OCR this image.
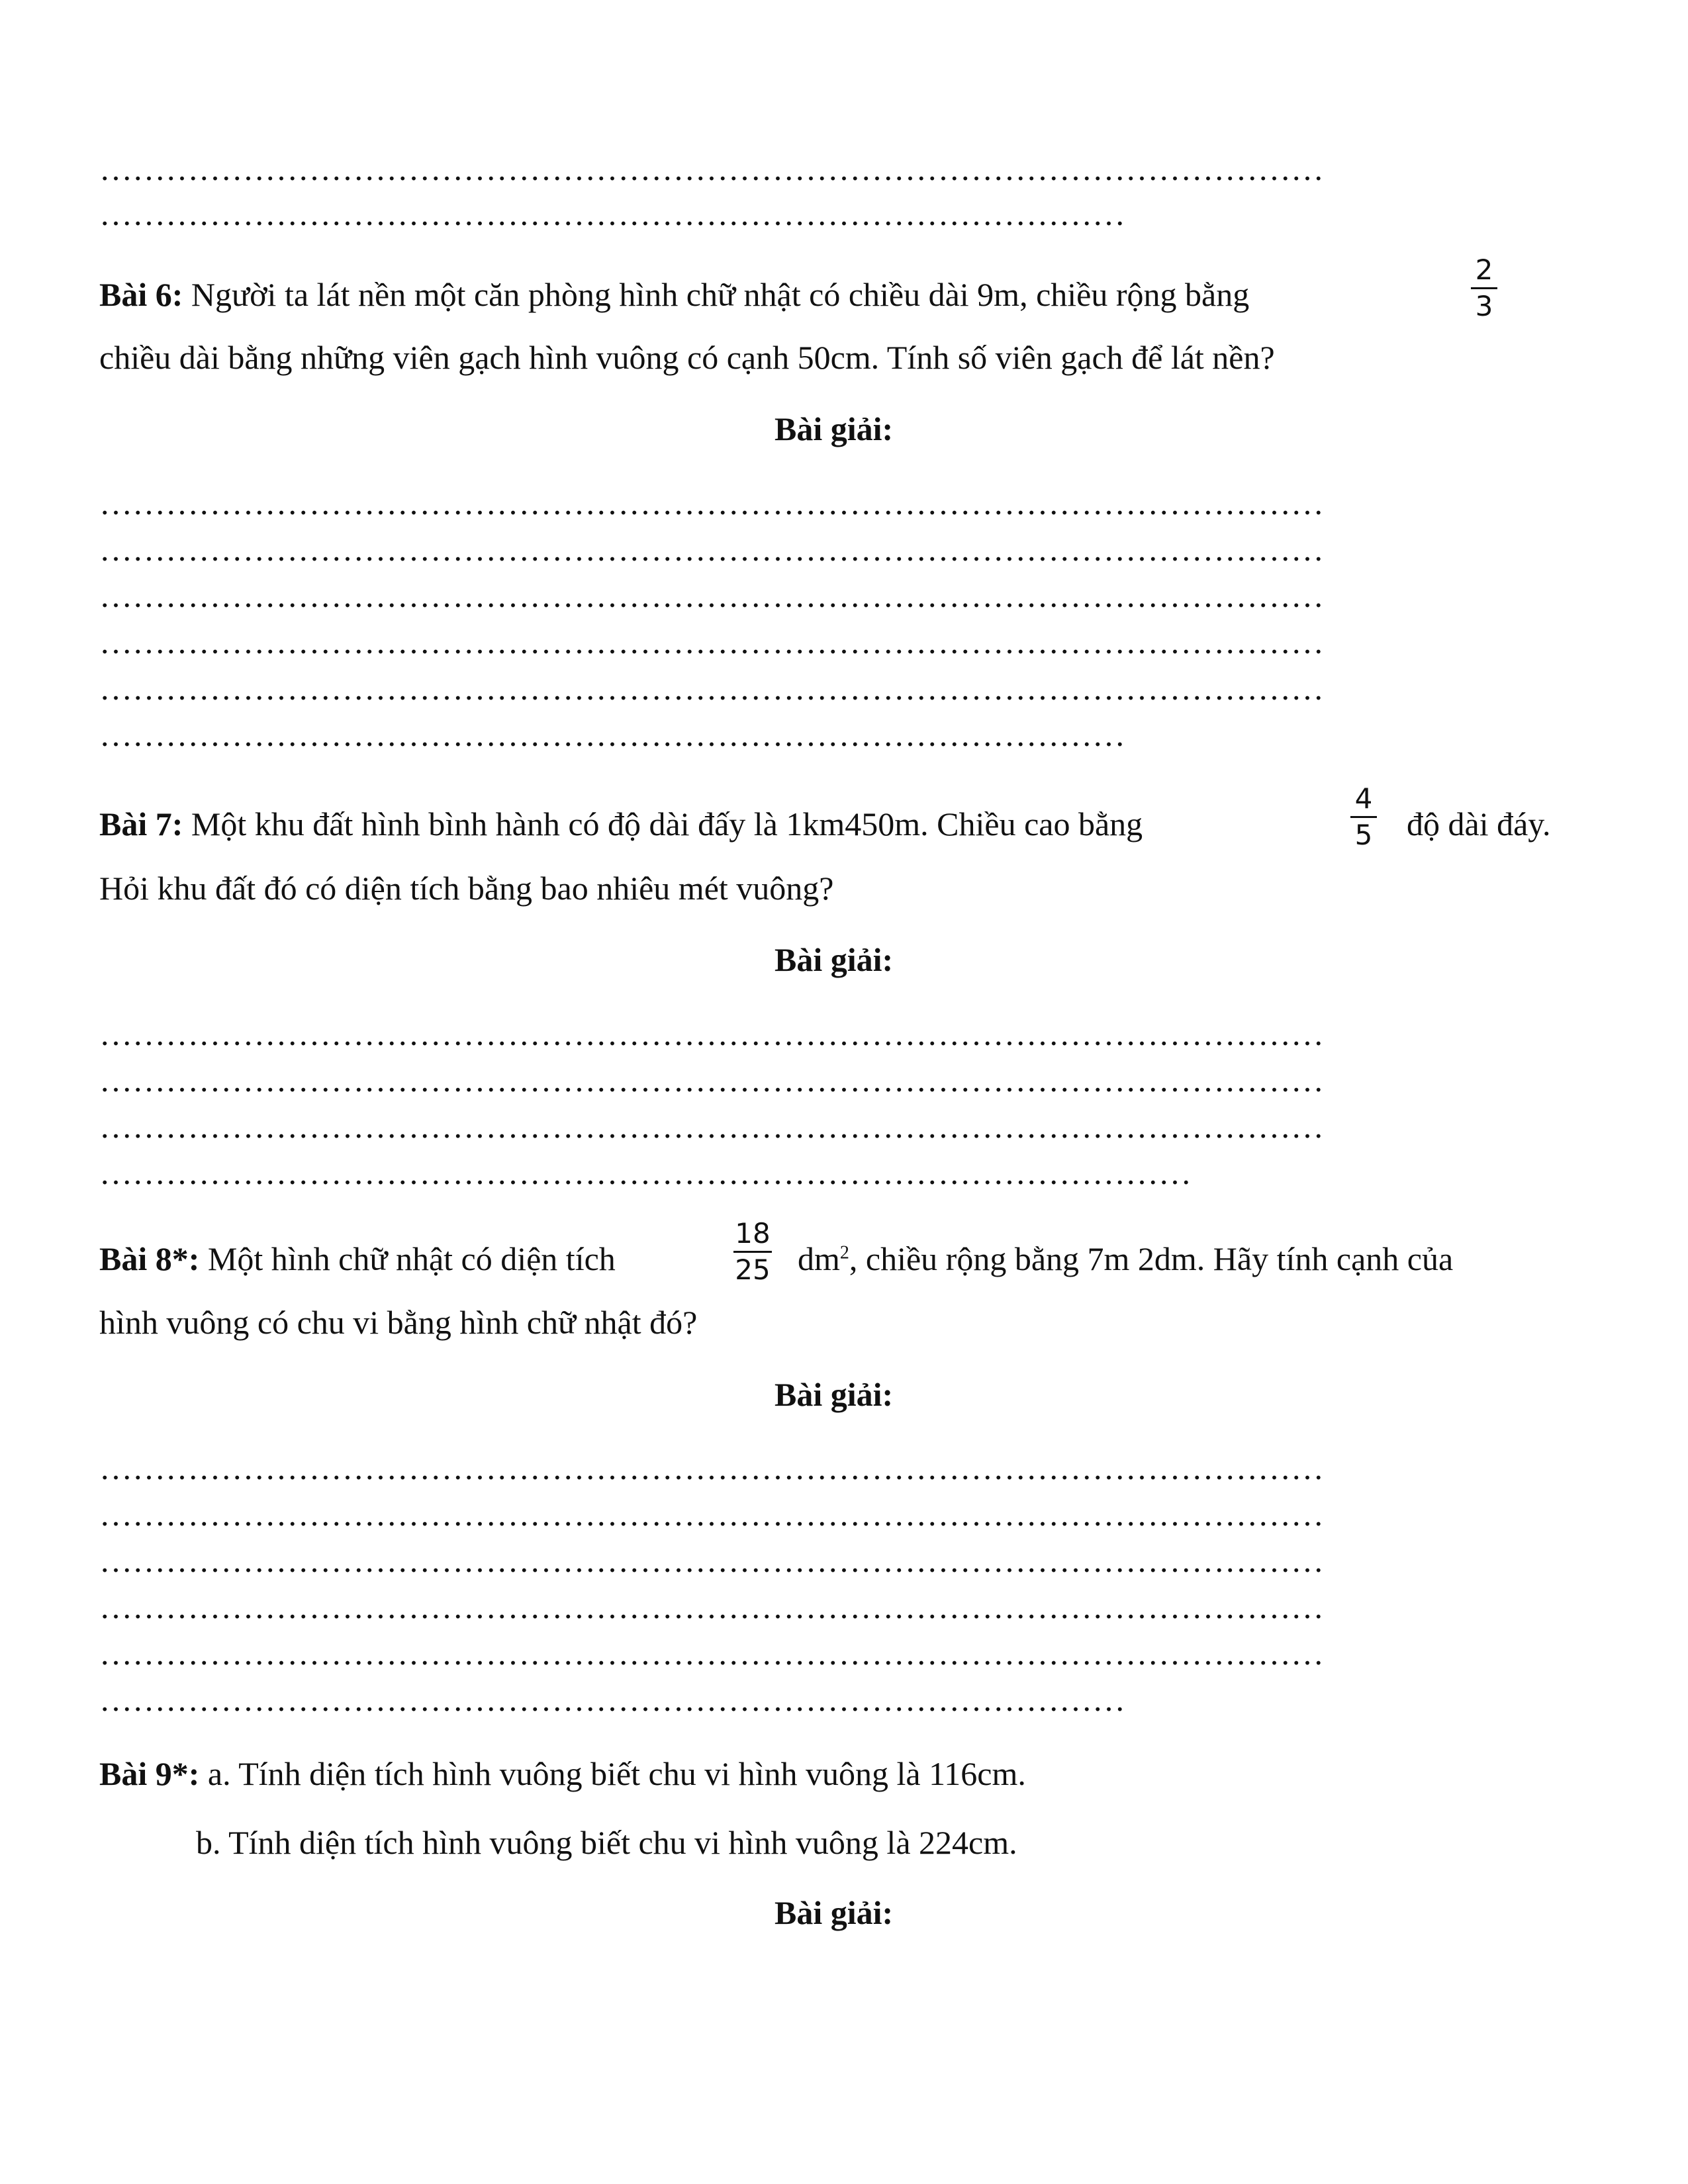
…………………………………………………………………………………………………
…………………………………………………………………………………
Bài 6: Người ta lát nền một căn phòng hình chữ nhật có chiều dài 9m, chiều rộng bằng
2
3
chiều dài bằng những viên gạch hình vuông có cạnh 50cm. Tính số viên gạch để lát nền?
Bài giải:
…………………………………………………………………………………………………
…………………………………………………………………………………………………
…………………………………………………………………………………………………
…………………………………………………………………………………………………
…………………………………………………………………………………………………
…………………………………………………………………………………
Bài 7: Một khu đất hình bình hành có độ dài đấy là 1km450m. Chiều cao bằng
4
5 độ dài đáy.
Hỏi khu đất đó có diện tích bằng bao nhiêu mét vuông?
Bài giải:
…………………………………………………………………………………………………
…………………………………………………………………………………………………
…………………………………………………………………………………………………
………………………………………………………………………………………
Bài 8*: Một hình chữ nhật có diện tích
18
25 $dm^2$, chiều rộng bằng 7m 2dm. Hãy tính cạnh của
hình vuông có chu vi bằng hình chữ nhật đó?
Bài giải:
…………………………………………………………………………………………………
…………………………………………………………………………………………………
…………………………………………………………………………………………………
…………………………………………………………………………………………………
…………………………………………………………………………………………………
…………………………………………………………………………………
Bài 9*: a. Tính diện tích hình vuông biết chu vi hình vuông là 116cm.
b. Tính diện tích hình vuông biết chu vi hình vuông là 224cm.
Bài giải:
